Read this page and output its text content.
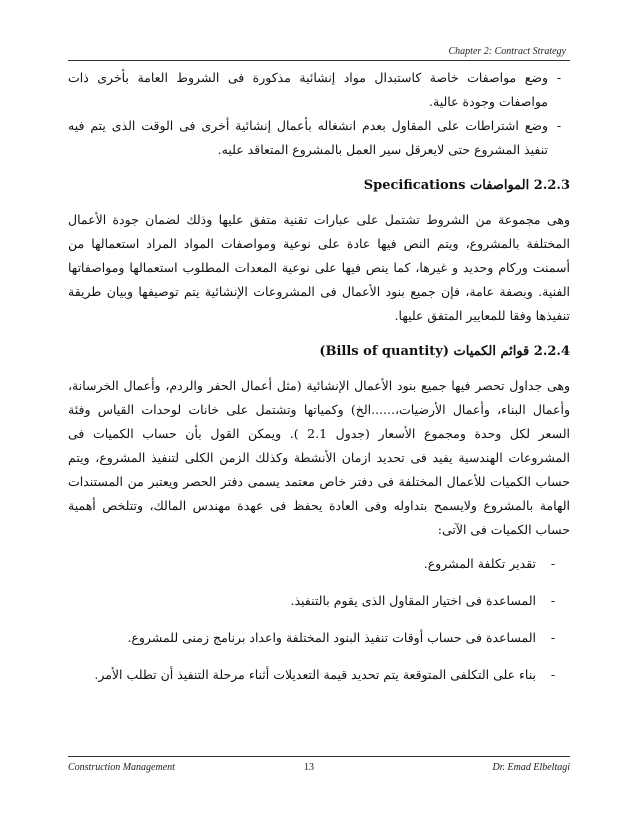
Chapter 2: Contract Strategy
-
وضع مواصفات خاصة كاستبدال مواد إنشائية مذكورة فى الشروط العامة بأخرى ذات مواصفات وجودة عالية.
-
وضع اشتراطات على المقاول بعدم انشغاله بأعمال إنشائية أخرى فى الوقت الذى يتم فيه تنفيذ المشروع حتى لايعرقل سير العمل بالمشروع المتعاقد عليه.
2.2.3 المواصفات Specifications

وهى مجموعة من الشروط تشتمل على عبارات تقنية متفق عليها وذلك لضمان جودة الأعمال المختلفة بالمشروع، ويتم النص فيها عادة على نوعية ومواصفات المواد المراد استعمالها من أسمنت وركام وحديد و غيرها، كما ينص فيها على نوعية المعدات المطلوب استعمالها ومواصفاتها الفنية. وبصفة عامة، فإن جميع بنود الأعمال فى المشروعات الإنشائية يتم توصيفها وبيان طريقة تنفيذها وفقا للمعايير المتفق عليها.

2.2.4 قوائم الكميات (Bills of quantity)

وهى جداول تحصر فيها جميع بنود الأعمال الإنشائية (مثل أعمال الحفر والردم، وأعمال الخرسانة، وأعمال البناء، وأعمال الأرضيات،......الخ) وكمياتها وتشتمل على خانات لوحدات القياس وفئة السعر لكل وحدة ومجموع الأسعار (جدول 2.1 ). ويمكن القول بأن حساب الكميات فى المشروعات الهندسية يفيد فى تحديد ازمان الأنشطة وكذلك الزمن الكلى لتنفيذ المشروع، ويتم حساب الكميات للأعمال المختلفة فى دفتر خاص معتمد يسمى دفتر الحصر ويعتبر من المستندات الهامة بالمشروع ولايسمح بتداوله وفى العادة يحفظ فى عهدة مهندس المالك، وتتلخص أهمية حساب الكميات فى الآتى:

-
تقدير تكلفة المشروع.
-
المساعدة فى اختيار المقاول الذى يقوم بالتنفيذ.
-
المساعدة فى حساب أوقات تنفيذ البنود المختلفة واعداد برنامج زمنى للمشروع.
-
بناء على التكلفى المتوقعة يتم تحديد قيمة التعديلات أثناء مرحلة التنفيذ أن تطلب الأمر.
Construction Management	13	Dr. Emad Elbeltagi
